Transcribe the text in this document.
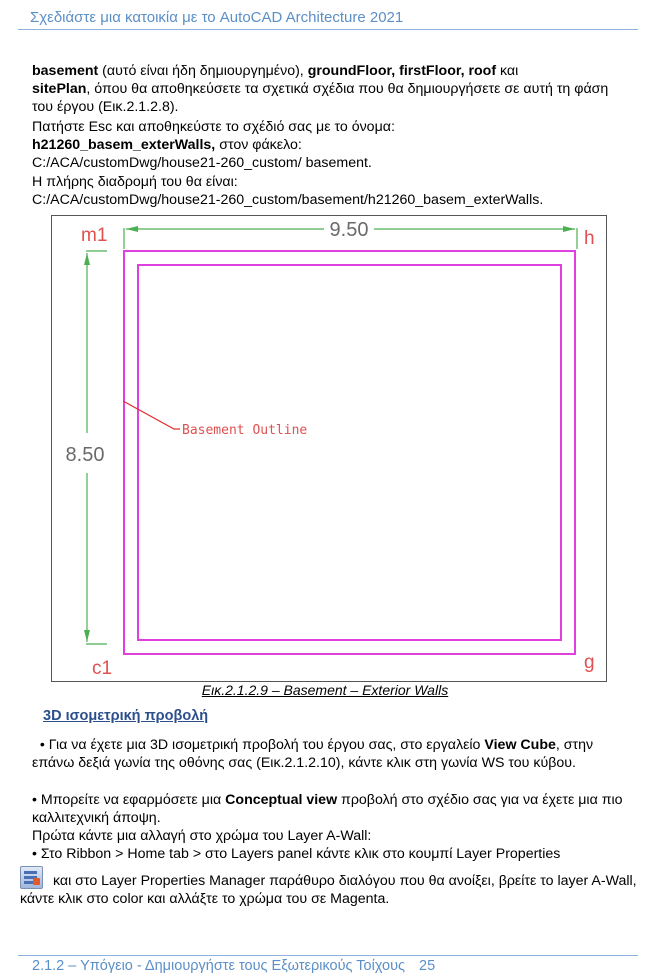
Σχεδιάστε μια κατοικία με το AutoCAD Architecture 2021
basement (αυτό είναι ήδη δημιουργημένο), groundFloor, firstFloor, roof και
sitePlan, όπου θα αποθηκεύσετε τα σχετικά σχέδια που θα δημιουργήσετε σε αυτή τη φάση του έργου (Εικ.2.1.2.8).
Πατήστε Esc και αποθηκεύστε το σχέδιό σας με το όνομα:
h21260_basem_exterWalls, στον φάκελο:
C:/ACA/customDwg/house21-260_custom/ basement.
Η πλήρης διαδρομή του θα είναι:
C:/ACA/customDwg/house21-260_custom/basement/h21260_basem_exterWalls.
9.50
8.50
Basement Outline
m1	h
c1	g
Εικ.2.1.2.9 – Basement – Exterior Walls
3D ισομετρική προβολή
• Για να έχετε μια 3D ισομετρική προβολή του έργου σας, στο εργαλείο View Cube, στην επάνω δεξιά γωνία της οθόνης σας (Εικ.2.1.2.10), κάντε κλικ στη γωνία WS του κύβου.
• Μπορείτε να εφαρμόσετε μια Conceptual view προβολή στο σχέδιο σας για να έχετε μια πιο καλλιτεχνική άποψη.
Πρώτα κάντε μια αλλαγή στο χρώμα του Layer A-Wall:
• Στο Ribbon > Home tab > στο Layers panel κάντε κλικ στο κουμπί Layer Properties
και στο Layer Properties Manager παράθυρο διαλόγου που θα ανοίξει, βρείτε το layer A-Wall, κάντε κλικ στο color και αλλάξτε το χρώμα του σε Magenta.
2.1.2 – Υπόγειο - Δημιουργήστε τους Εξωτερικούς Τοίχους 25
